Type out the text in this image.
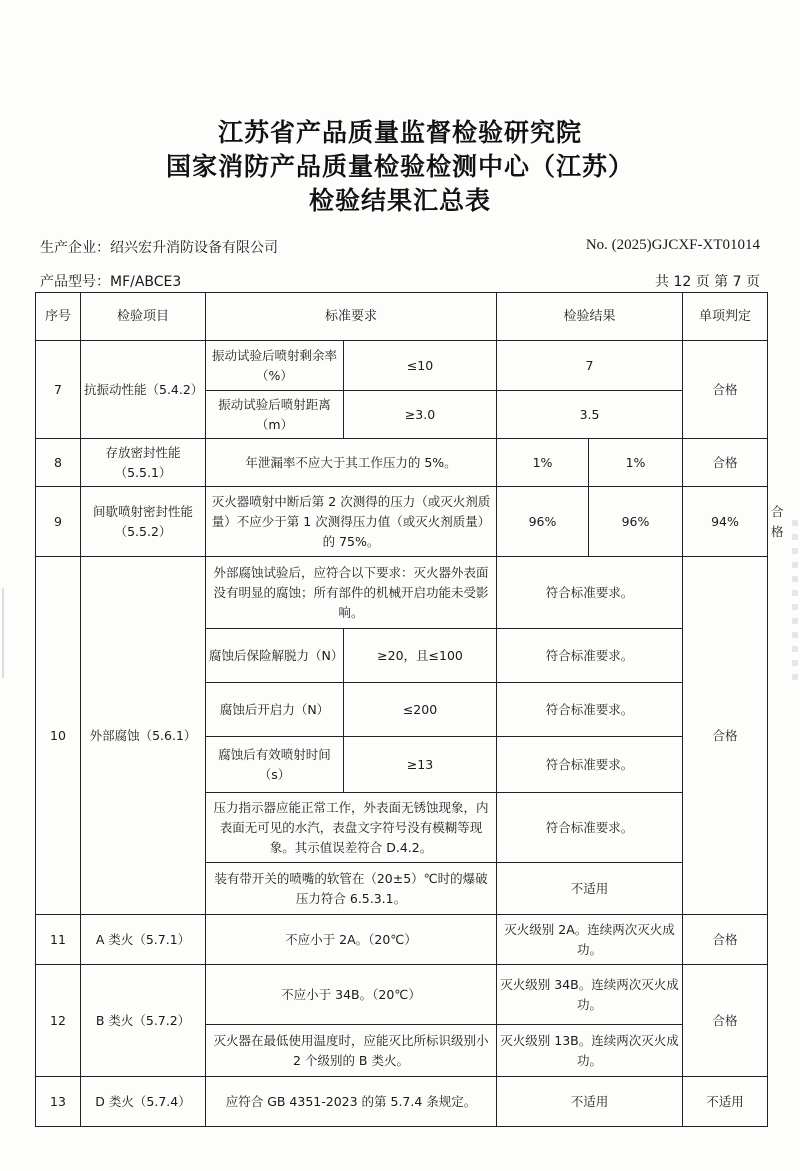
江苏省产品质量监督检验研究院
国家消防产品质量检验检测中心（江苏）
检验结果汇总表
生产企业：绍兴宏升消防设备有限公司	No. (2025)GJCXF-XT01014
产品型号：MF/ABCE3	共 12 页 第 7 页
序号	检验项目	标准要求		检验结果		单项判定	
7	抗振动性能（5.4.2）	振动试验后喷射剩余率（%）	≤10	7		合格	
		振动试验后喷射距离（m）	≥3.0	3.5			
8	存放密封性能（5.5.1）	年泄漏率不应大于其工作压力的 5%。		1%	1%	合格	
9	间歇喷射密封性能（5.5.2）	灭火器喷射中断后第 2 次测得的压力（或灭火剂质量）不应少于第 1 次测得压力值（或灭火剂质量）的 75%。		96%	96%	94%	合格
10	外部腐蚀（5.6.1）	外部腐蚀试验后，应符合以下要求：灭火器外表面没有明显的腐蚀；所有部件的机械开启功能未受影响。		符合标准要求。		合格	
		腐蚀后保险解脱力（N）	≥20，且≤100	符合标准要求。			
		腐蚀后开启力（N）	≤200	符合标准要求。			
		腐蚀后有效喷射时间（s）	≥13	符合标准要求。			
		压力指示器应能正常工作，外表面无锈蚀现象，内表面无可见的水汽，表盘文字符号没有模糊等现象。其示值误差符合 D.4.2。		符合标准要求。			
		装有带开关的喷嘴的软管在（20±5）℃时的爆破压力符合 6.5.3.1。		不适用			
11	A 类火（5.7.1）	不应小于 2A。（20℃）		灭火级别 2A。连续两次灭火成功。		合格	
12	B 类火（5.7.2）	不应小于 34B。（20℃）		灭火级别 34B。连续两次灭火成功。		合格	
		灭火器在最低使用温度时，应能灭比所标识级别小 2 个级别的 B 类火。		灭火级别 13B。连续两次灭火成功。			
13	D 类火（5.7.4）	应符合 GB 4351-2023 的第 5.7.4 条规定。		不适用		不适用	
